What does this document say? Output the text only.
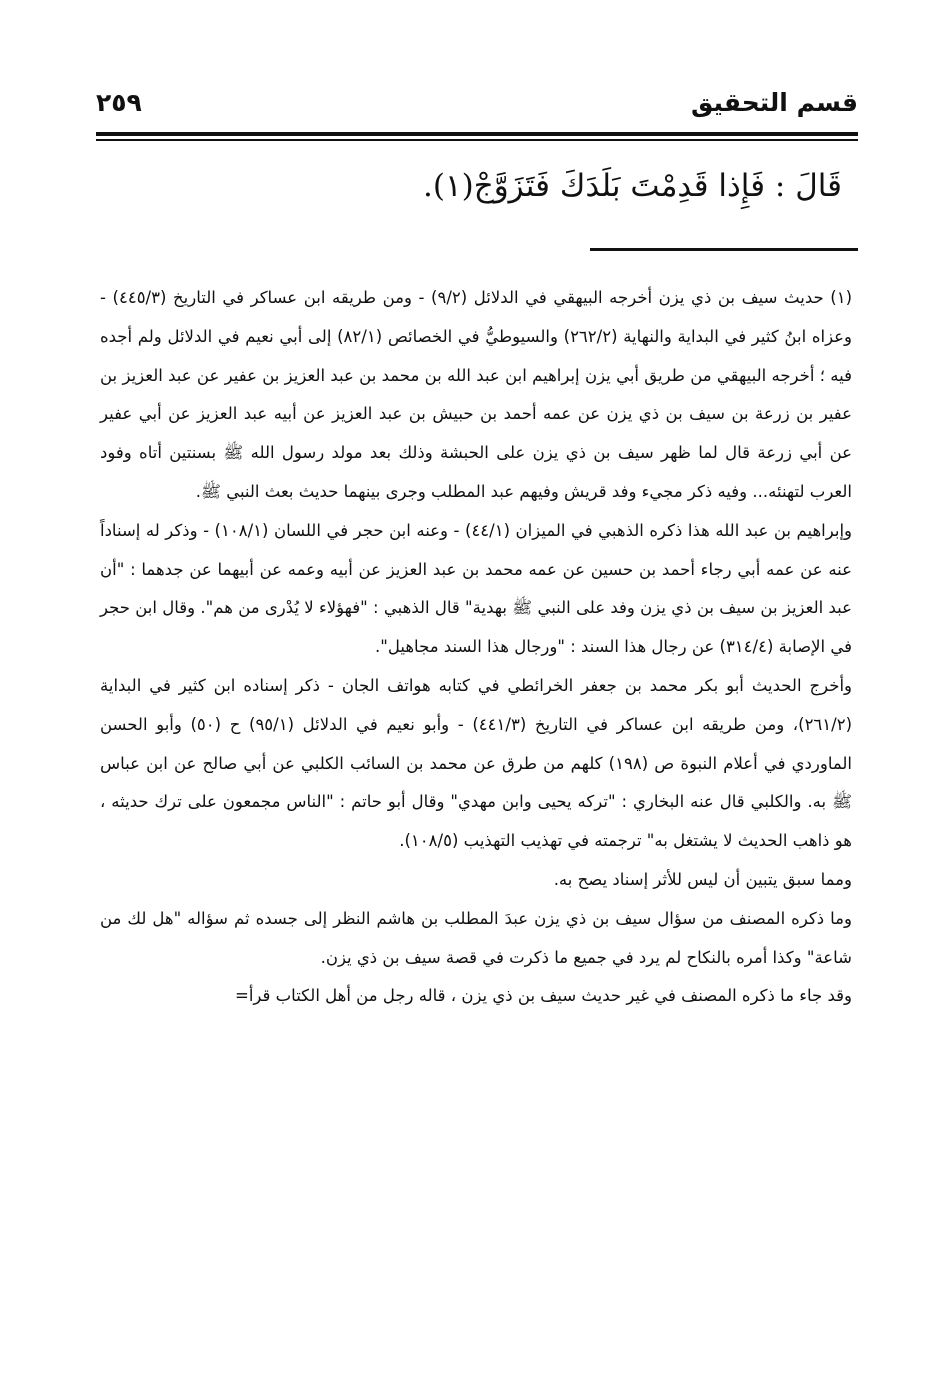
قسم التحقيق
٢٥٩
قَالَ : فَإِذا قَدِمْتَ بَلَدَكَ فَتَزَوَّجْ(١).

(١) حديث سيف بن ذي يزن أخرجه البيهقي في الدلائل (٩/٢) - ومن طريقه ابن عساكر في التاريخ (٤٤٥/٣) - وعزاه ابنُ كثير في البداية والنهاية (٢٦٢/٢) والسيوطيُّ في الخصائص (٨٢/١) إلى أبي نعيم في الدلائل ولم أجده فيه ؛ أخرجه البيهقي من طريق أبي يزن إبراهيم ابن عبد الله بن محمد بن عبد العزيز بن عفير عن عبد العزيز بن عفير بن زرعة بن سيف بن ذي يزن عن عمه أحمد بن حبيش بن عبد العزيز عن أبيه عبد العزيز عن أبي عفير عن أبي زرعة قال لما ظهر سيف بن ذي يزن على الحبشة وذلك بعد مولد رسول الله ﷺ بسنتين أتاه وفود العرب لتهنئه... وفيه ذكر مجيء وفد قريش وفيهم عبد المطلب وجرى بينهما حديث بعث النبي ﷺ.

وإبراهيم بن عبد الله هذا ذكره الذهبي في الميزان (٤٤/١) - وعنه ابن حجر في اللسان (١٠٨/١) - وذكر له إسناداً عنه عن عمه أبي رجاء أحمد بن حسين عن عمه محمد بن عبد العزيز عن أبيه وعمه عن أبيهما عن جدهما : "أن عبد العزيز بن سيف بن ذي يزن وفد على النبي ﷺ بهدية" قال الذهبي : "فهؤلاء لا يُدْرى من هم". وقال ابن حجر في الإصابة (٣١٤/٤) عن رجال هذا السند : "ورجال هذا السند مجاهيل".

وأخرج الحديث أبو بكر محمد بن جعفر الخرائطي في كتابه هواتف الجان - ذكر إسناده ابن كثير في البداية (٢٦١/٢)، ومن طريقه ابن عساكر في التاريخ (٤٤١/٣) - وأبو نعيم في الدلائل (٩٥/١) ح (٥٠) وأبو الحسن الماوردي في أعلام النبوة ص (١٩٨) كلهم من طرق عن محمد بن السائب الكلبي عن أبي صالح عن ابن عباس ﷺ به. والكلبي قال عنه البخاري : "تركه يحيى وابن مهدي" وقال أبو حاتم : "الناس مجمعون على ترك حديثه ، هو ذاهب الحديث لا يشتغل به" ترجمته في تهذيب التهذيب (١٠٨/٥).

ومما سبق يتبين أن ليس للأثر إسناد يصح به.

وما ذكره المصنف من سؤال سيف بن ذي يزن عبدَ المطلب بن هاشم النظر إلى جسده ثم سؤاله "هل لك من شاعة" وكذا أمره بالنكاح لم يرد في جميع ما ذكرت في قصة سيف بن ذي يزن.

وقد جاء ما ذكره المصنف في غير حديث سيف بن ذي يزن ، قاله رجل من أهل الكتاب قرأ=
